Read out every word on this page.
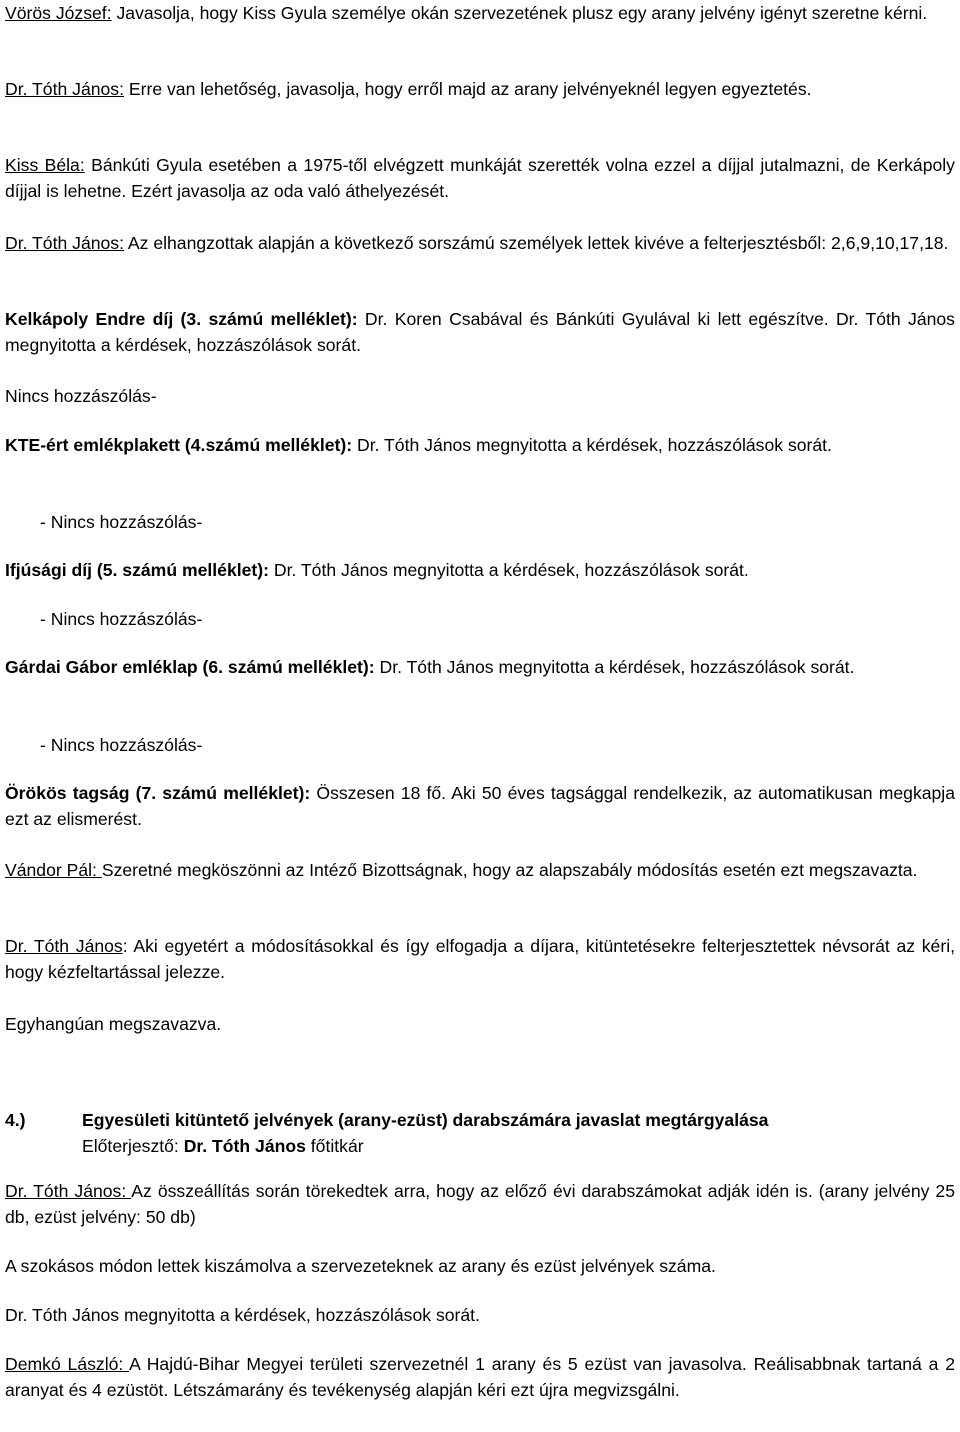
Vörös József: Javasolja, hogy Kiss Gyula személye okán szervezetének plusz egy arany jelvény igényt szeretne kérni.

Dr. Tóth János: Erre van lehetőség, javasolja, hogy erről majd az arany jelvényeknél legyen egyeztetés.

Kiss Béla: Bánkúti Gyula esetében a 1975-től elvégzett munkáját szerették volna ezzel a díjjal jutalmazni, de Kerkápoly díjjal is lehetne. Ezért javasolja az oda való áthelyezését.

Dr. Tóth János: Az elhangzottak alapján a következő sorszámú személyek lettek kivéve a felterjesztésből: 2,6,9,10,17,18.

Kelkápoly Endre díj (3. számú melléklet): Dr. Koren Csabával és Bánkúti Gyulával ki lett egészítve. Dr. Tóth János megnyitotta a kérdések, hozzászólások sorát.

Nincs hozzászólás-

KTE-ért emlékplakett (4.számú melléklet): Dr. Tóth János megnyitotta a kérdések, hozzászólások sorát.

- Nincs hozzászólás-

Ifjúsági díj (5. számú melléklet): Dr. Tóth János megnyitotta a kérdések, hozzászólások sorát.

- Nincs hozzászólás-

Gárdai Gábor emléklap (6. számú melléklet): Dr. Tóth János megnyitotta a kérdések, hozzászólások sorát.

- Nincs hozzászólás-

Örökös tagság (7. számú melléklet): Összesen 18 fő. Aki 50 éves tagsággal rendelkezik, az automatikusan megkapja ezt az elismerést.

Vándor Pál: Szeretné megköszönni az Intéző Bizottságnak, hogy az alapszabály módosítás esetén ezt megszavazta.

Dr. Tóth János: Aki egyetért a módosításokkal és így elfogadja a díjara, kitüntetésekre felterjesztettek névsorát az kéri, hogy kézfeltartással jelezze.

Egyhangúan megszavazva.

4.)	Egyesületi kitüntető jelvények (arany-ezüst) darabszámára javaslat megtárgyalása
Előterjesztő: Dr. Tóth János főtitkár

Dr. Tóth János: Az összeállítás során törekedtek arra, hogy az előző évi darabszámokat adják idén is. (arany jelvény 25 db, ezüst jelvény: 50 db)

A szokásos módon lettek kiszámolva a szervezeteknek az arany és ezüst jelvények száma.

Dr. Tóth János megnyitotta a kérdések, hozzászólások sorát.

Demkó László: A Hajdú-Bihar Megyei területi szervezetnél 1 arany és 5 ezüst van javasolva. Reálisabbnak tartaná a 2 aranyat és 4 ezüstöt. Létszámarány és tevékenység alapján kéri ezt újra megvizsgálni.
